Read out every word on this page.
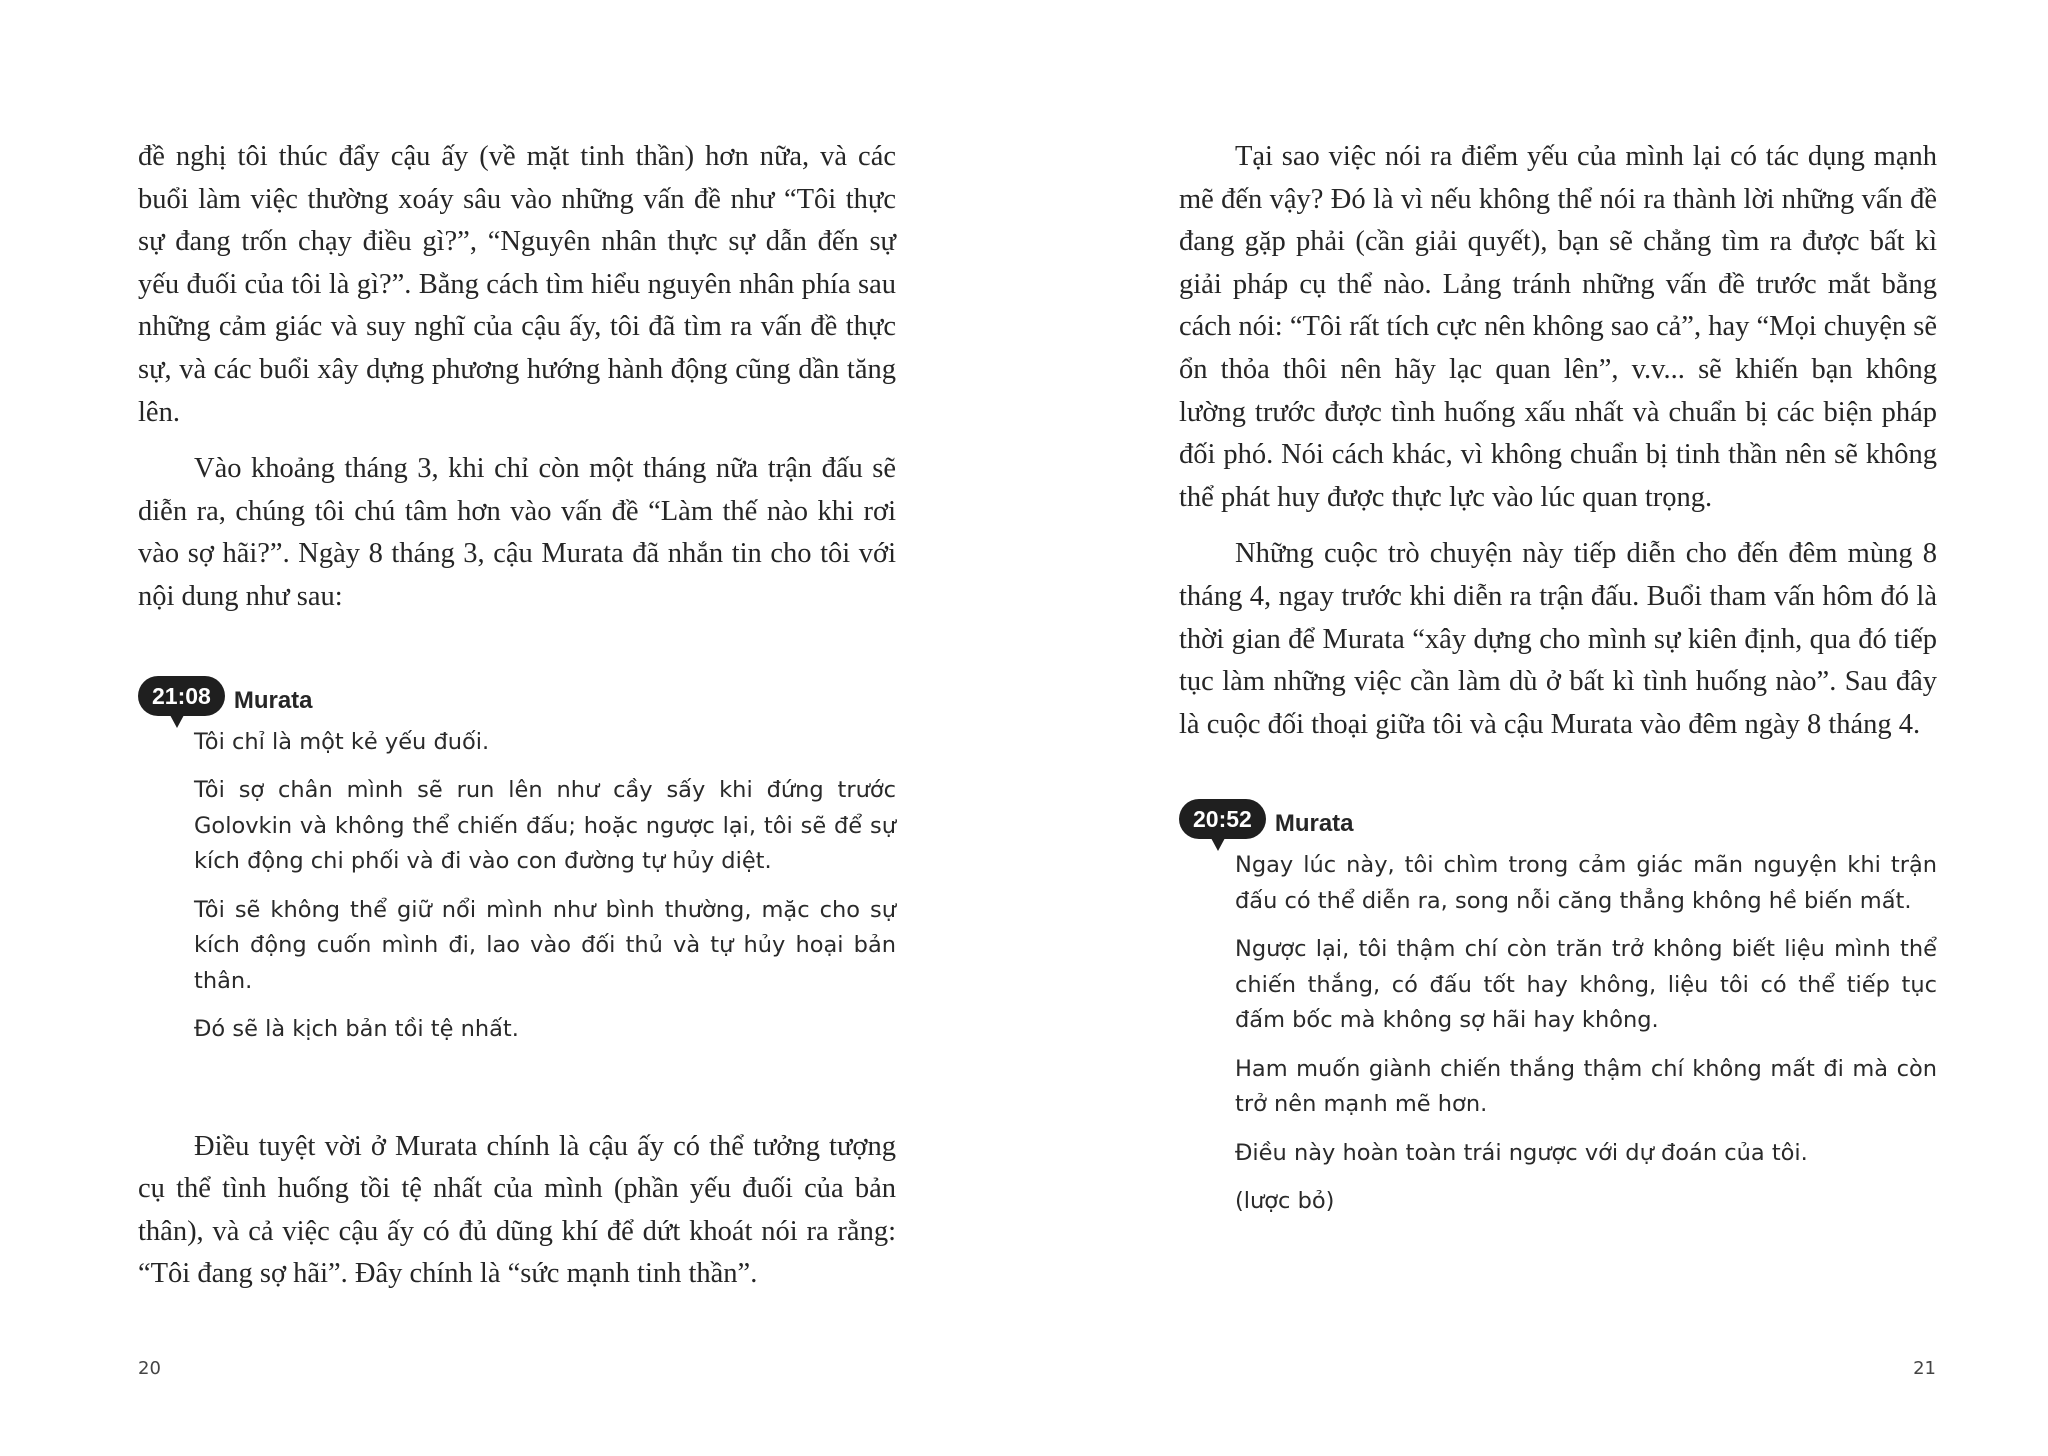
đề nghị tôi thúc đẩy cậu ấy (về mặt tinh thần) hơn nữa, và các buổi làm việc thường xoáy sâu vào những vấn đề như “Tôi thực sự đang trốn chạy điều gì?”, “Nguyên nhân thực sự dẫn đến sự yếu đuối của tôi là gì?”. Bằng cách tìm hiểu nguyên nhân phía sau những cảm giác và suy nghĩ của cậu ấy, tôi đã tìm ra vấn đề thực sự, và các buổi xây dựng phương hướng hành động cũng dần tăng lên.

Vào khoảng tháng 3, khi chỉ còn một tháng nữa trận đấu sẽ diễn ra, chúng tôi chú tâm hơn vào vấn đề “Làm thế nào khi rơi vào sợ hãi?”. Ngày 8 tháng 3, cậu Murata đã nhắn tin cho tôi với nội dung như sau:

21:08 Murata

Tôi chỉ là một kẻ yếu đuối.

Tôi sợ chân mình sẽ run lên như cầy sấy khi đứng trước Golovkin và không thể chiến đấu; hoặc ngược lại, tôi sẽ để sự kích động chi phối và đi vào con đường tự hủy diệt.

Tôi sẽ không thể giữ nổi mình như bình thường, mặc cho sự kích động cuốn mình đi, lao vào đối thủ và tự hủy hoại bản thân.

Đó sẽ là kịch bản tồi tệ nhất.

Điều tuyệt vời ở Murata chính là cậu ấy có thể tưởng tượng cụ thể tình huống tồi tệ nhất của mình (phần yếu đuối của bản thân), và cả việc cậu ấy có đủ dũng khí để dứt khoát nói ra rằng: “Tôi đang sợ hãi”. Đây chính là “sức mạnh tinh thần”.

20

Tại sao việc nói ra điểm yếu của mình lại có tác dụng mạnh mẽ đến vậy? Đó là vì nếu không thể nói ra thành lời những vấn đề đang gặp phải (cần giải quyết), bạn sẽ chẳng tìm ra được bất kì giải pháp cụ thể nào. Lảng tránh những vấn đề trước mắt bằng cách nói: “Tôi rất tích cực nên không sao cả”, hay “Mọi chuyện sẽ ổn thỏa thôi nên hãy lạc quan lên”, v.v... sẽ khiến bạn không lường trước được tình huống xấu nhất và chuẩn bị các biện pháp đối phó. Nói cách khác, vì không chuẩn bị tinh thần nên sẽ không thể phát huy được thực lực vào lúc quan trọng.

Những cuộc trò chuyện này tiếp diễn cho đến đêm mùng 8 tháng 4, ngay trước khi diễn ra trận đấu. Buổi tham vấn hôm đó là thời gian để Murata “xây dựng cho mình sự kiên định, qua đó tiếp tục làm những việc cần làm dù ở bất kì tình huống nào”. Sau đây là cuộc đối thoại giữa tôi và cậu Murata vào đêm ngày 8 tháng 4.

20:52 Murata

Ngay lúc này, tôi chìm trong cảm giác mãn nguyện khi trận đấu có thể diễn ra, song nỗi căng thẳng không hề biến mất.

Ngược lại, tôi thậm chí còn trăn trở không biết liệu mình thể chiến thắng, có đấu tốt hay không, liệu tôi có thể tiếp tục đấm bốc mà không sợ hãi hay không.

Ham muốn giành chiến thắng thậm chí không mất đi mà còn trở nên mạnh mẽ hơn.

Điều này hoàn toàn trái ngược với dự đoán của tôi.

(lược bỏ)

21
